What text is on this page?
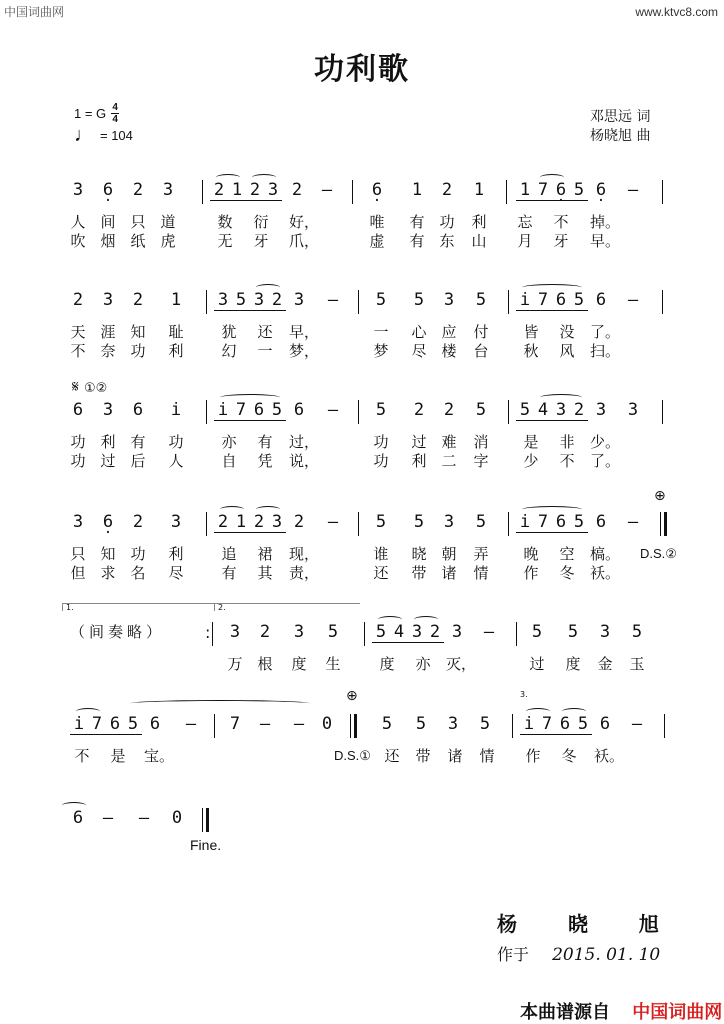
中国词曲网	www.ktvc8.com
功利歌
1 = G 4
4
♩ = 104
邓思远 词
杨晓旭 曲
3 6 · 2 3 2 1 2 3 2 – 6 · 1 2 1 1 7 6 · 5 6 · –
人 间 只 道	数	衍	好，	唯	有 功	利	忘	不	掉。
吹 烟 纸 虎	无	牙	爪，	虚	有 东	山	月	牙	早。
2 3 2 1 3 5 3 2 3 – 5 5 3 5 i 7 6 5 6 –
天 涯 知	耻	犹	还	早，	一	心 应	付	皆	没	了。
不 奈 功	利	幻	一	梦，	梦	尽 楼	台	秋	风	扫。
𝄋 ①②
6 3 6 i i 7 6 5 6 – 5 2 2 5 5 4 3 2 3 3
功 利 有	功	亦	有	过，	功	过 难	消	是	非	少。
功 过 后	人	自	凭	说，	功	利 二	字	少	不	了。
⊕
3 6 · 2 3 2 1 2 3 2 – 5 5 3 5 i 7 6 5 6 –
只 知 功	利	追	裙	现，	谁	晓 朝	弄	晚	空	槁。 D.S.②
但 求 名	尽	有	其	责，	还	带 诸	情	作	冬	袄。
1.	2.
（间奏略）
:	3 2 3 5 5 4 3 2 3 – 5 5 3 5
万 根	度	生	度	亦	灭，	过	度	金	玉
⊕	3.
i 7 6 5 6 – 7 – – 0	5 5 3 5 i 7 6 5 6 –
不	是	宝。	D.S.① 还	带	诸	情	作	冬	袄。
6 – – 0
Fine.
杨 晓 旭
作于 2015. 01. 10
本曲谱源自 中国词曲网
